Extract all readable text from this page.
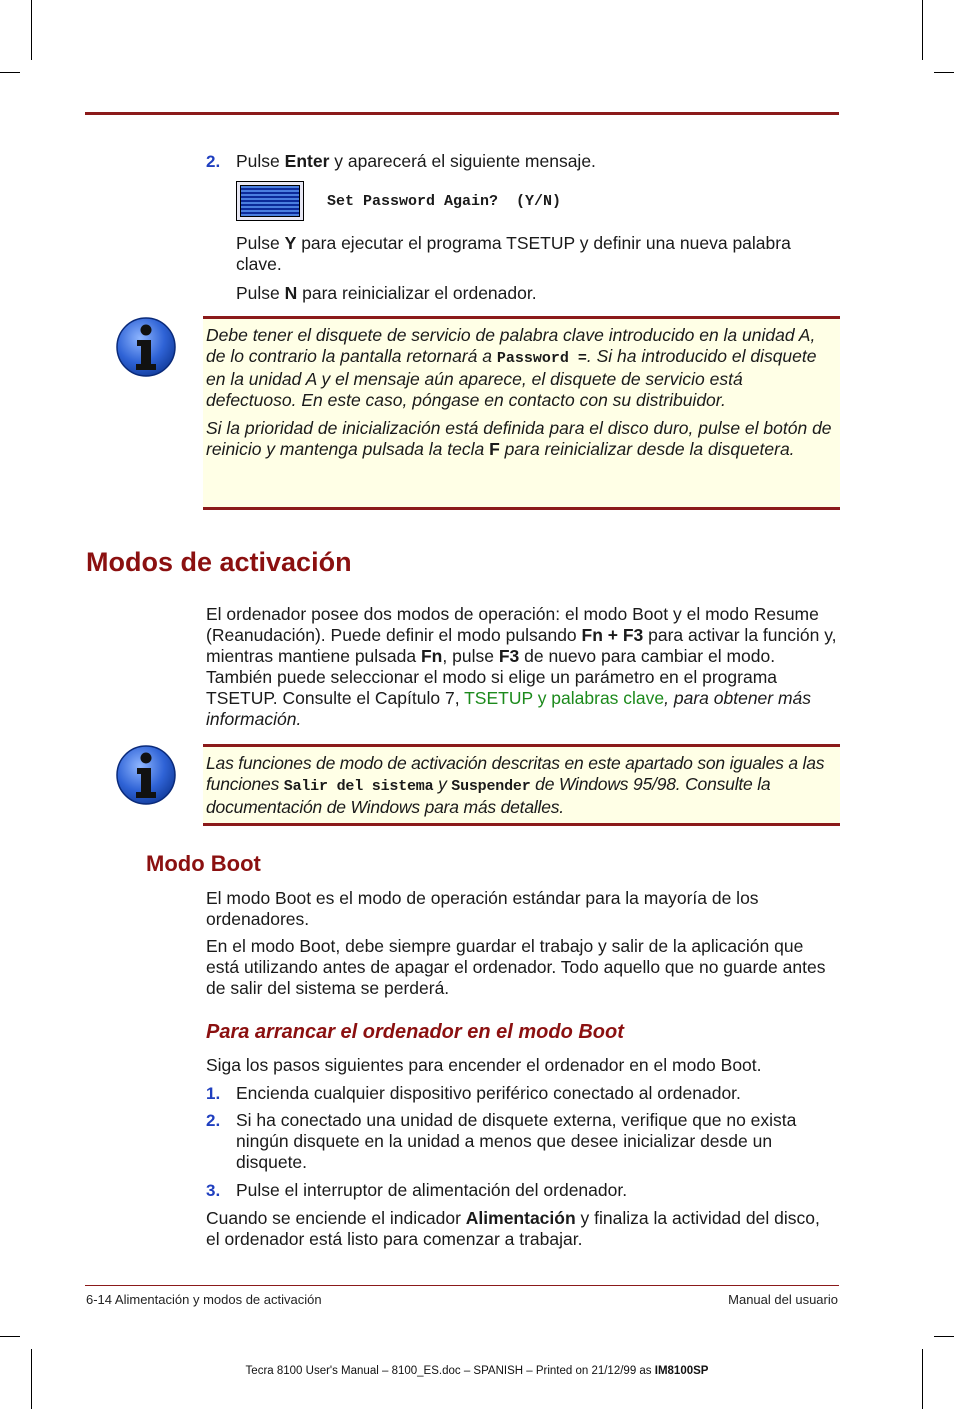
2. Pulse Enter y aparecerá el siguiente mensaje.
Set Password Again?  (Y/N)
Pulse Y para ejecutar el programa TSETUP y definir una nueva palabra clave.
Pulse N para reinicializar el ordenador.

Debe tener el disquete de servicio de palabra clave introducido en la unidad A, de lo contrario la pantalla retornará a Password =. Si ha introducido el disquete en la unidad A y el mensaje aún aparece, el disquete de servicio está defectuoso. En este caso, póngase en contacto con su distribuidor.

Si la prioridad de inicialización está definida para el disco duro, pulse el botón de reinicio y mantenga pulsada la tecla F para reinicializar desde la disquetera.

Modos de activación
El ordenador posee dos modos de operación: el modo Boot y el modo Resume (Reanudación). Puede definir el modo pulsando Fn + F3 para activar la función y, mientras mantiene pulsada Fn, pulse F3 de nuevo para cambiar el modo. También puede seleccionar el modo si elige un parámetro en el programa TSETUP. Consulte el Capítulo 7, TSETUP y palabras clave, para obtener más información.

Las funciones de modo de activación descritas en este apartado son iguales a las funciones Salir del sistema y Suspender de Windows 95/98. Consulte la documentación de Windows para más detalles.

Modo Boot
El modo Boot es el modo de operación estándar para la mayoría de los ordenadores.
En el modo Boot, debe siempre guardar el trabajo y salir de la aplicación que está utilizando antes de apagar el ordenador. Todo aquello que no guarde antes de salir del sistema se perderá.
Para arrancar el ordenador en el modo Boot
Siga los pasos siguientes para encender el ordenador en el modo Boot.
1. Encienda cualquier dispositivo periférico conectado al ordenador.
2. Si ha conectado una unidad de disquete externa, verifique que no exista ningún disquete en la unidad a menos que desee inicializar desde un disquete.
3. Pulse el interruptor de alimentación del ordenador.
Cuando se enciende el indicador Alimentación y finaliza la actividad del disco, el ordenador está listo para comenzar a trabajar.
6-14 Alimentación y modos de activación	Manual del usuario
Tecra 8100 User's Manual – 8100_ES.doc – SPANISH – Printed on 21/12/99 as IM8100SP
